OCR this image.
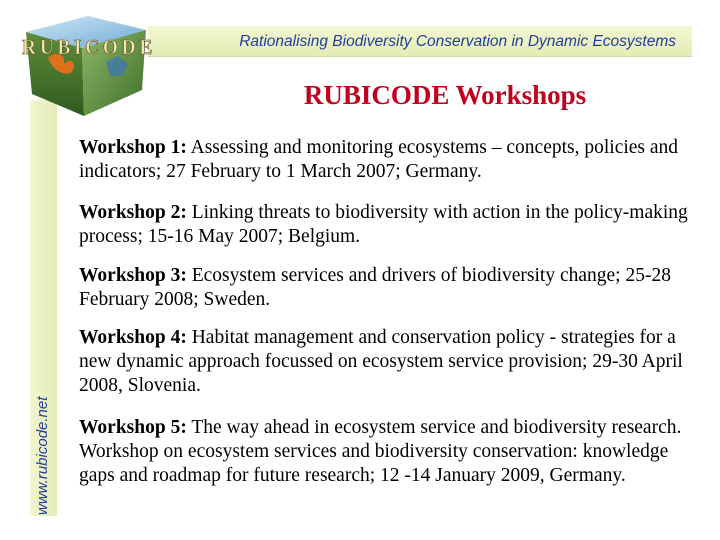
Rationalising Biodiversity Conservation in Dynamic Ecosystems
www.rubicode.net
RUBICODE
RUBICODE Workshops
Workshop 1: Assessing and monitoring ecosystems – concepts, policies and indicators; 27 February to 1 March 2007; Germany.
Workshop 2: Linking threats to biodiversity with action in the policy-making process; 15-16 May 2007; Belgium.
Workshop 3: Ecosystem services and drivers of biodiversity change; 25-28 February 2008; Sweden.
Workshop 4: Habitat management and conservation policy - strategies for a new dynamic approach focussed on ecosystem service provision; 29-30 April 2008, Slovenia.
Workshop 5: The way ahead in ecosystem service and biodiversity research. Workshop on ecosystem services and biodiversity conservation: knowledge gaps and roadmap for future research; 12 -14 January 2009, Germany.
